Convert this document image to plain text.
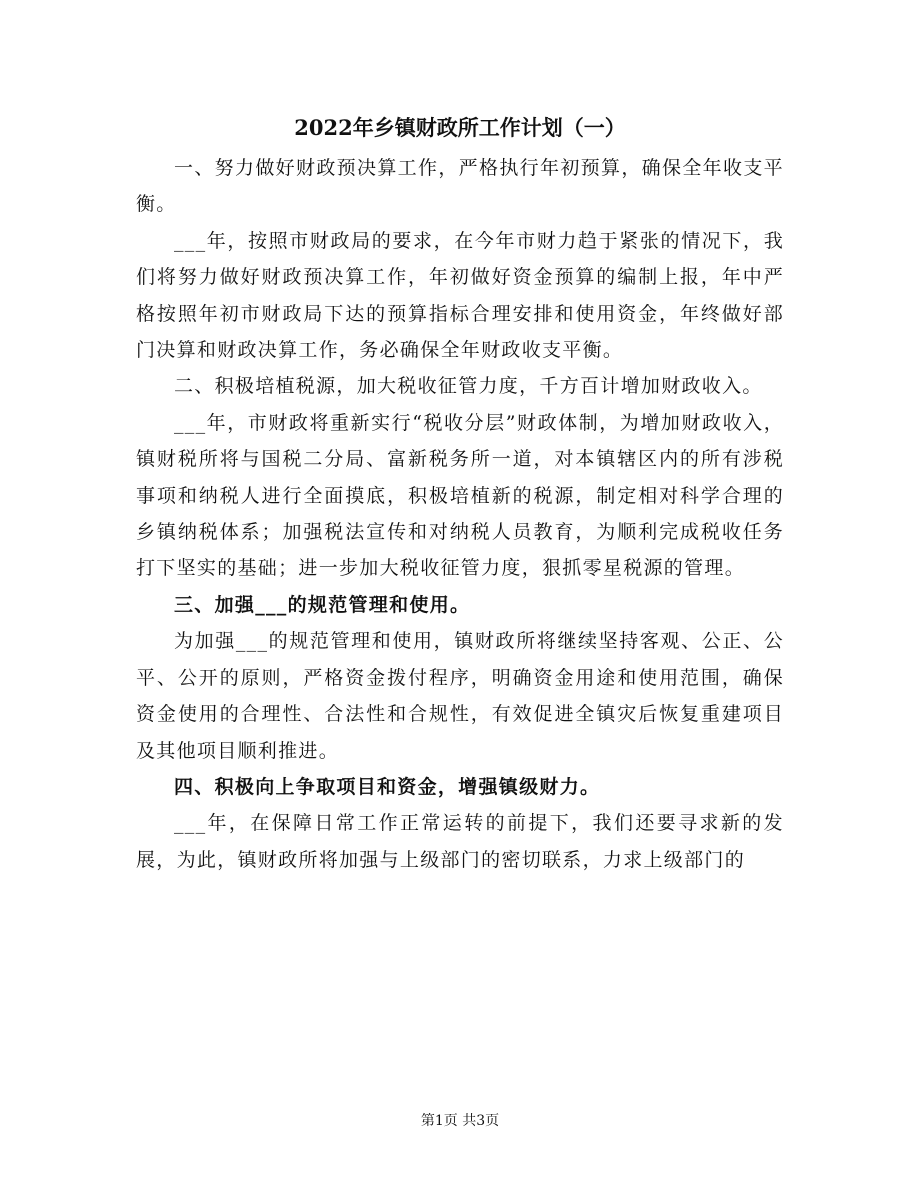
2022年乡镇财政所工作计划（一）

一、努力做好财政预决算工作，严格执行年初预算，确保全年收支平衡。

___年，按照市财政局的要求，在今年市财力趋于紧张的情况下，我们将努力做好财政预决算工作，年初做好资金预算的编制上报，年中严格按照年初市财政局下达的预算指标合理安排和使用资金，年终做好部门决算和财政决算工作，务必确保全年财政收支平衡。

二、积极培植税源，加大税收征管力度，千方百计增加财政收入。

___年，市财政将重新实行“税收分层”财政体制，为增加财政收入，镇财税所将与国税二分局、富新税务所一道，对本镇辖区内的所有涉税事项和纳税人进行全面摸底，积极培植新的税源，制定相对科学合理的乡镇纳税体系；加强税法宣传和对纳税人员教育，为顺利完成税收任务打下坚实的基础；进一步加大税收征管力度，狠抓零星税源的管理。

三、加强___的规范管理和使用。

为加强___的规范管理和使用，镇财政所将继续坚持客观、公正、公平、公开的原则，严格资金拨付程序，明确资金用途和使用范围，确保资金使用的合理性、合法性和合规性，有效促进全镇灾后恢复重建项目及其他项目顺利推进。

四、积极向上争取项目和资金，增强镇级财力。

___年，在保障日常工作正常运转的前提下，我们还要寻求新的发展，为此，镇财政所将加强与上级部门的密切联系，力求上级部门的

第1页 共3页
